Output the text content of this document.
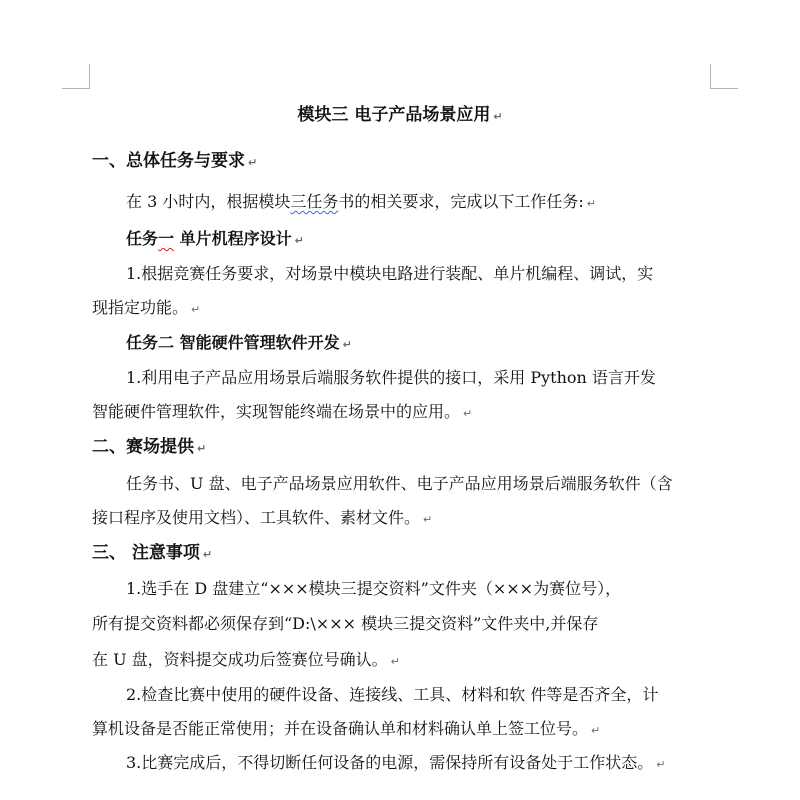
模块三 电子产品场景应用 ↵
一、总体任务与要求 ↵
在 3 小时内，根据模块三任务书的相关要求，完成以下工作任务: ↵
任务一 单片机程序设计 ↵
1.根据竞赛任务要求，对场景中模块电路进行装配、单片机编程、调试，实
现指定功能。 ↵
任务二 智能硬件管理软件开发 ↵
1.利用电子产品应用场景后端服务软件提供的接口，采用 Python 语言开发
智能硬件管理软件，实现智能终端在场景中的应用。 ↵
二、赛场提供 ↵
任务书、U 盘、电子产品场景应用软件、电子产品应用场景后端服务软件（含
接口程序及使用文档）、工具软件、素材文件。 ↵
三、 注意事项 ↵
1.选手在 D 盘建立“×××模块三提交资料”文件夹（×××为赛位号），
所有提交资料都必须保存到“D:\××× 模块三提交资料”文件夹中,并保存
在 U 盘，资料提交成功后签赛位号确认。 ↵
2.检查比赛中使用的硬件设备、连接线、工具、材料和软 件等是否齐全，计
算机设备是否能正常使用；并在设备确认单和材料确认单上签工位号。 ↵
3.比赛完成后，不得切断任何设备的电源，需保持所有设备处于工作状态。 ↵
